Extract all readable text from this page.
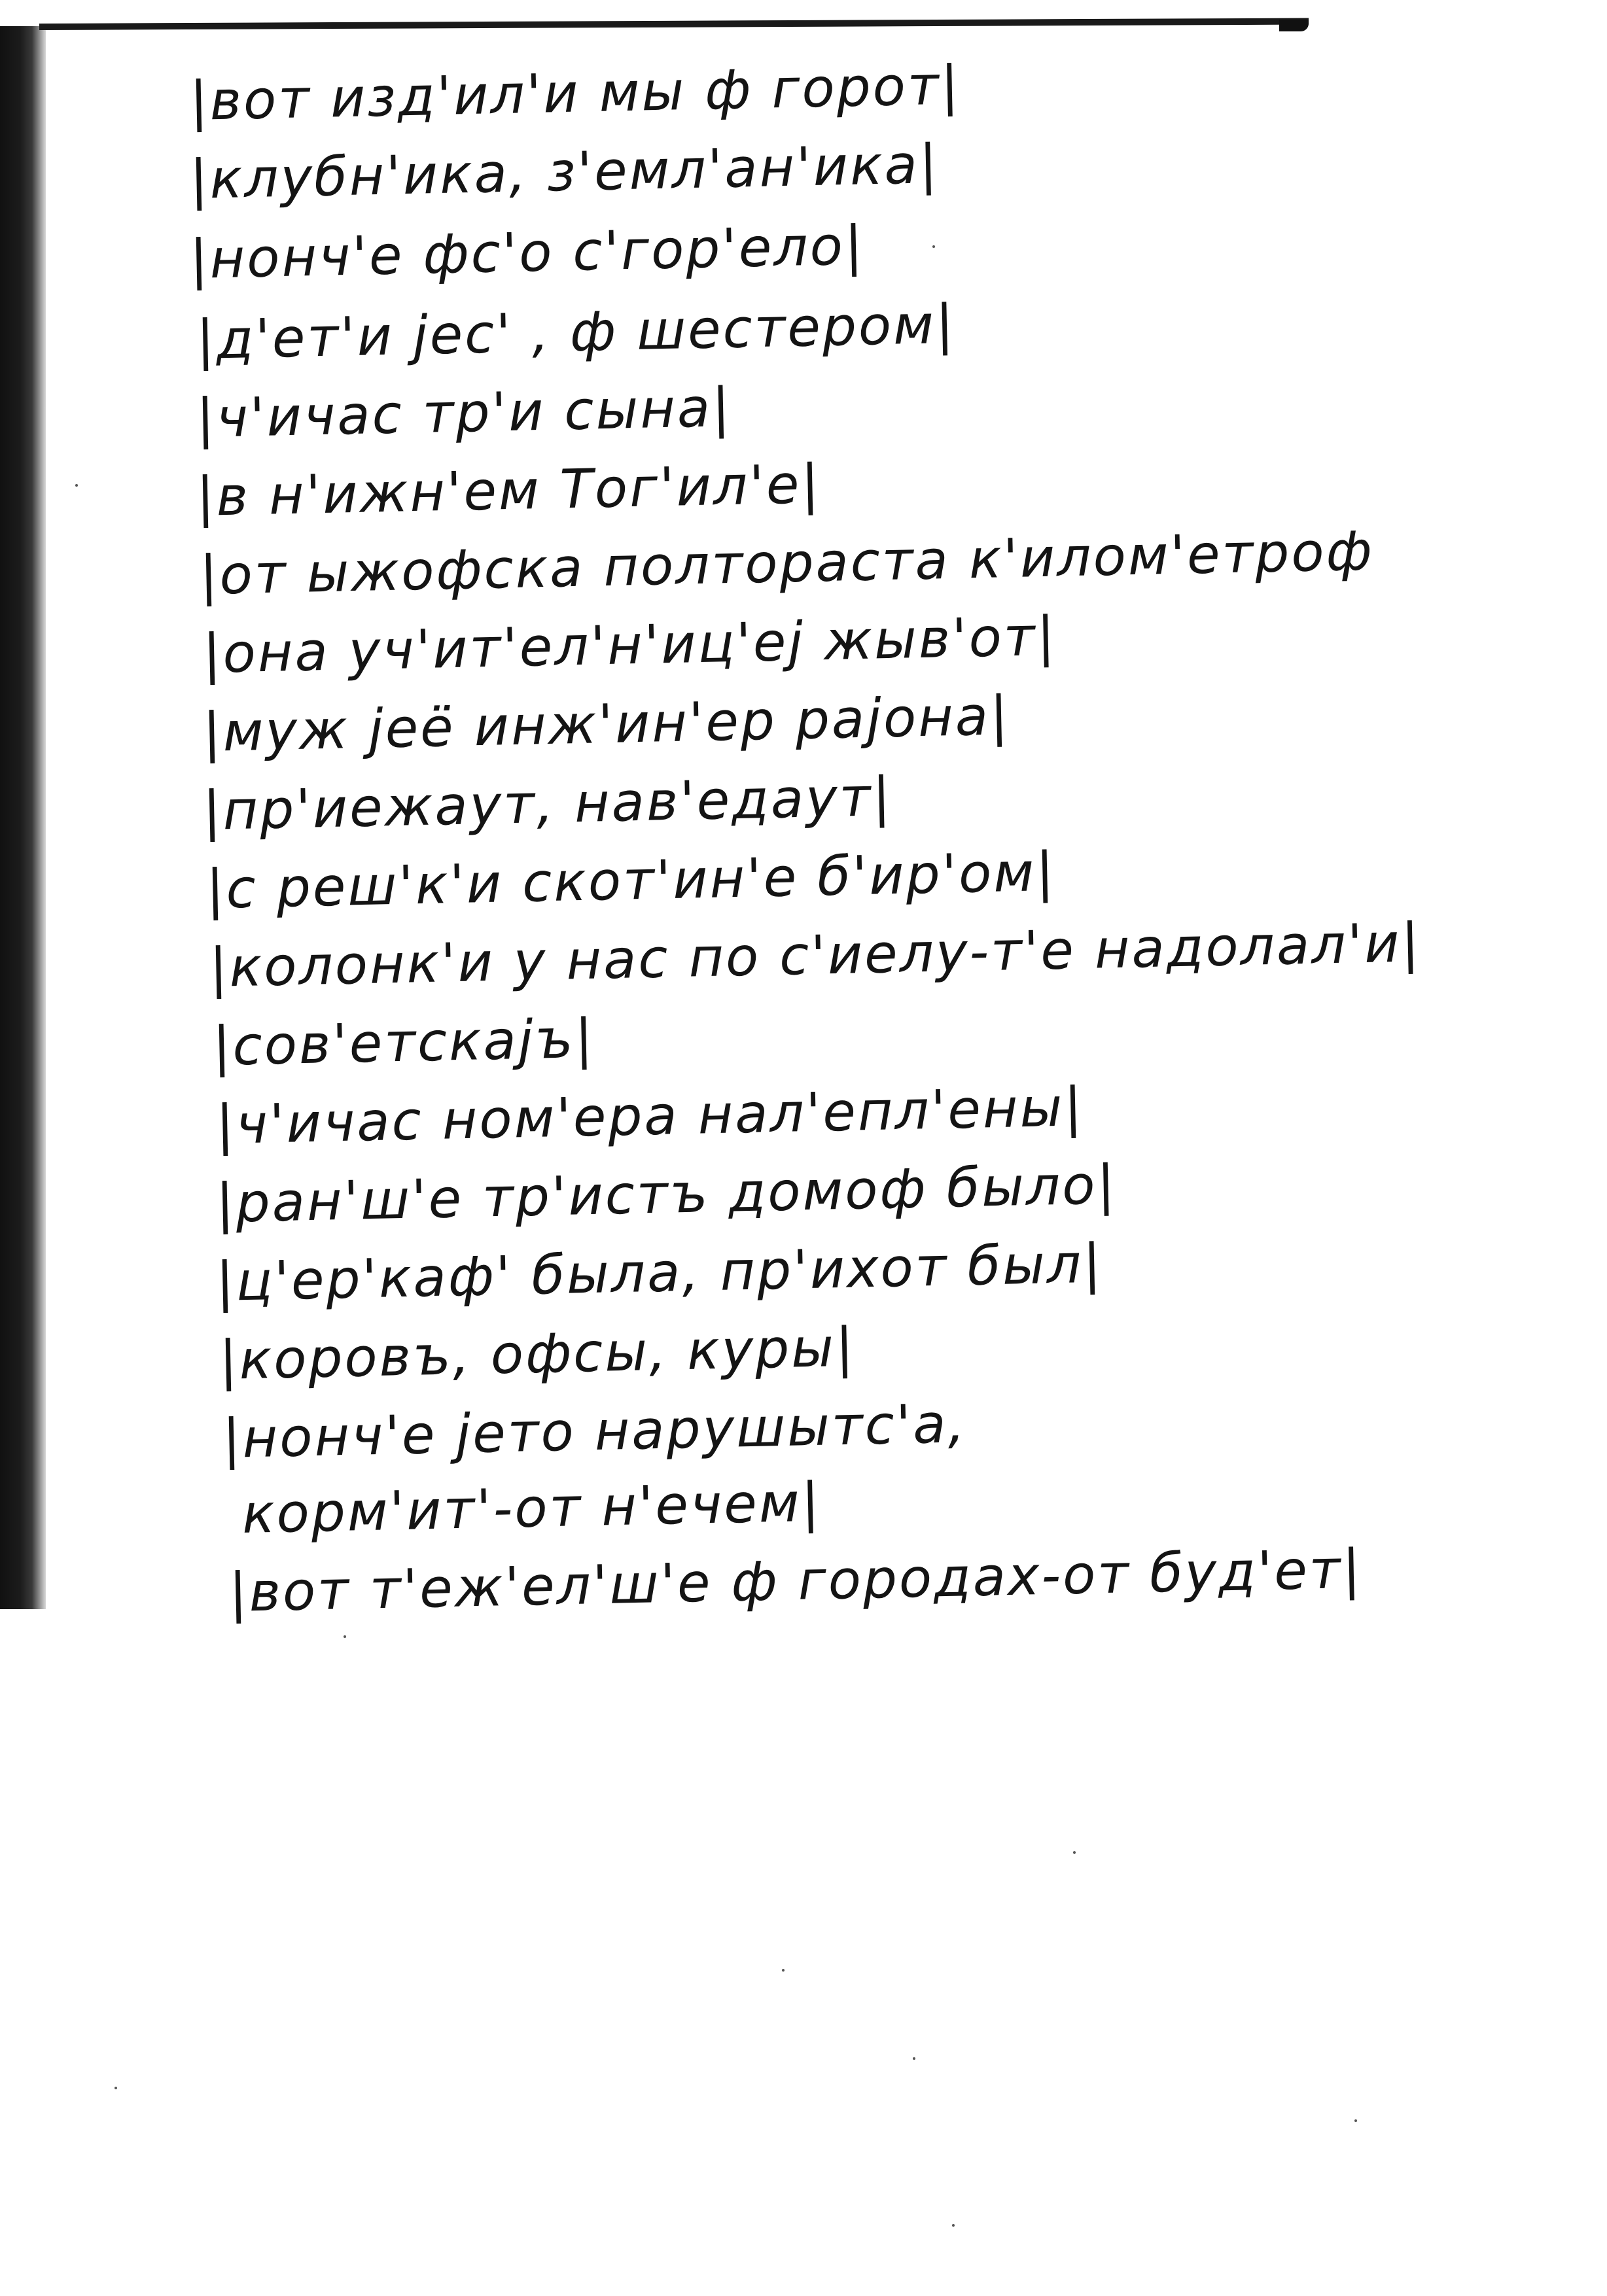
|вот изд'ил'и мы ф горот|
|клубн'ика, з'емл'ан'ика|
|нонч'е фс'о с'гор'ело|
|д'ет'и jес' , ф шестером|
|ч'ичас тр'и сына|
|в н'ижн'ем Тог'ил'е|
|от ыжофска полтораста к'илом'етроф
|она уч'ит'ел'н'иц'еj жыв'от|
|муж jeё инж'ин'ер раjона|
|пр'иежаут, нав'едаут|
|с реш'к'и скот'ин'е б'ир'ом|
|колонк'и у нас по с'иелу-т'е надолал'и|
|сов'етскаjъ|
|ч'ичас ном'ера нал'епл'ены|
|ран'ш'е тр'истъ домоф было|
|ц'ер'каф' была, пр'ихот был|
|коровъ, офсы, куры|
|нонч'е jето нарушытс'а,
корм'ит'-от н'ечем|
|вот т'еж'ел'ш'е ф городах-от буд'ет|
